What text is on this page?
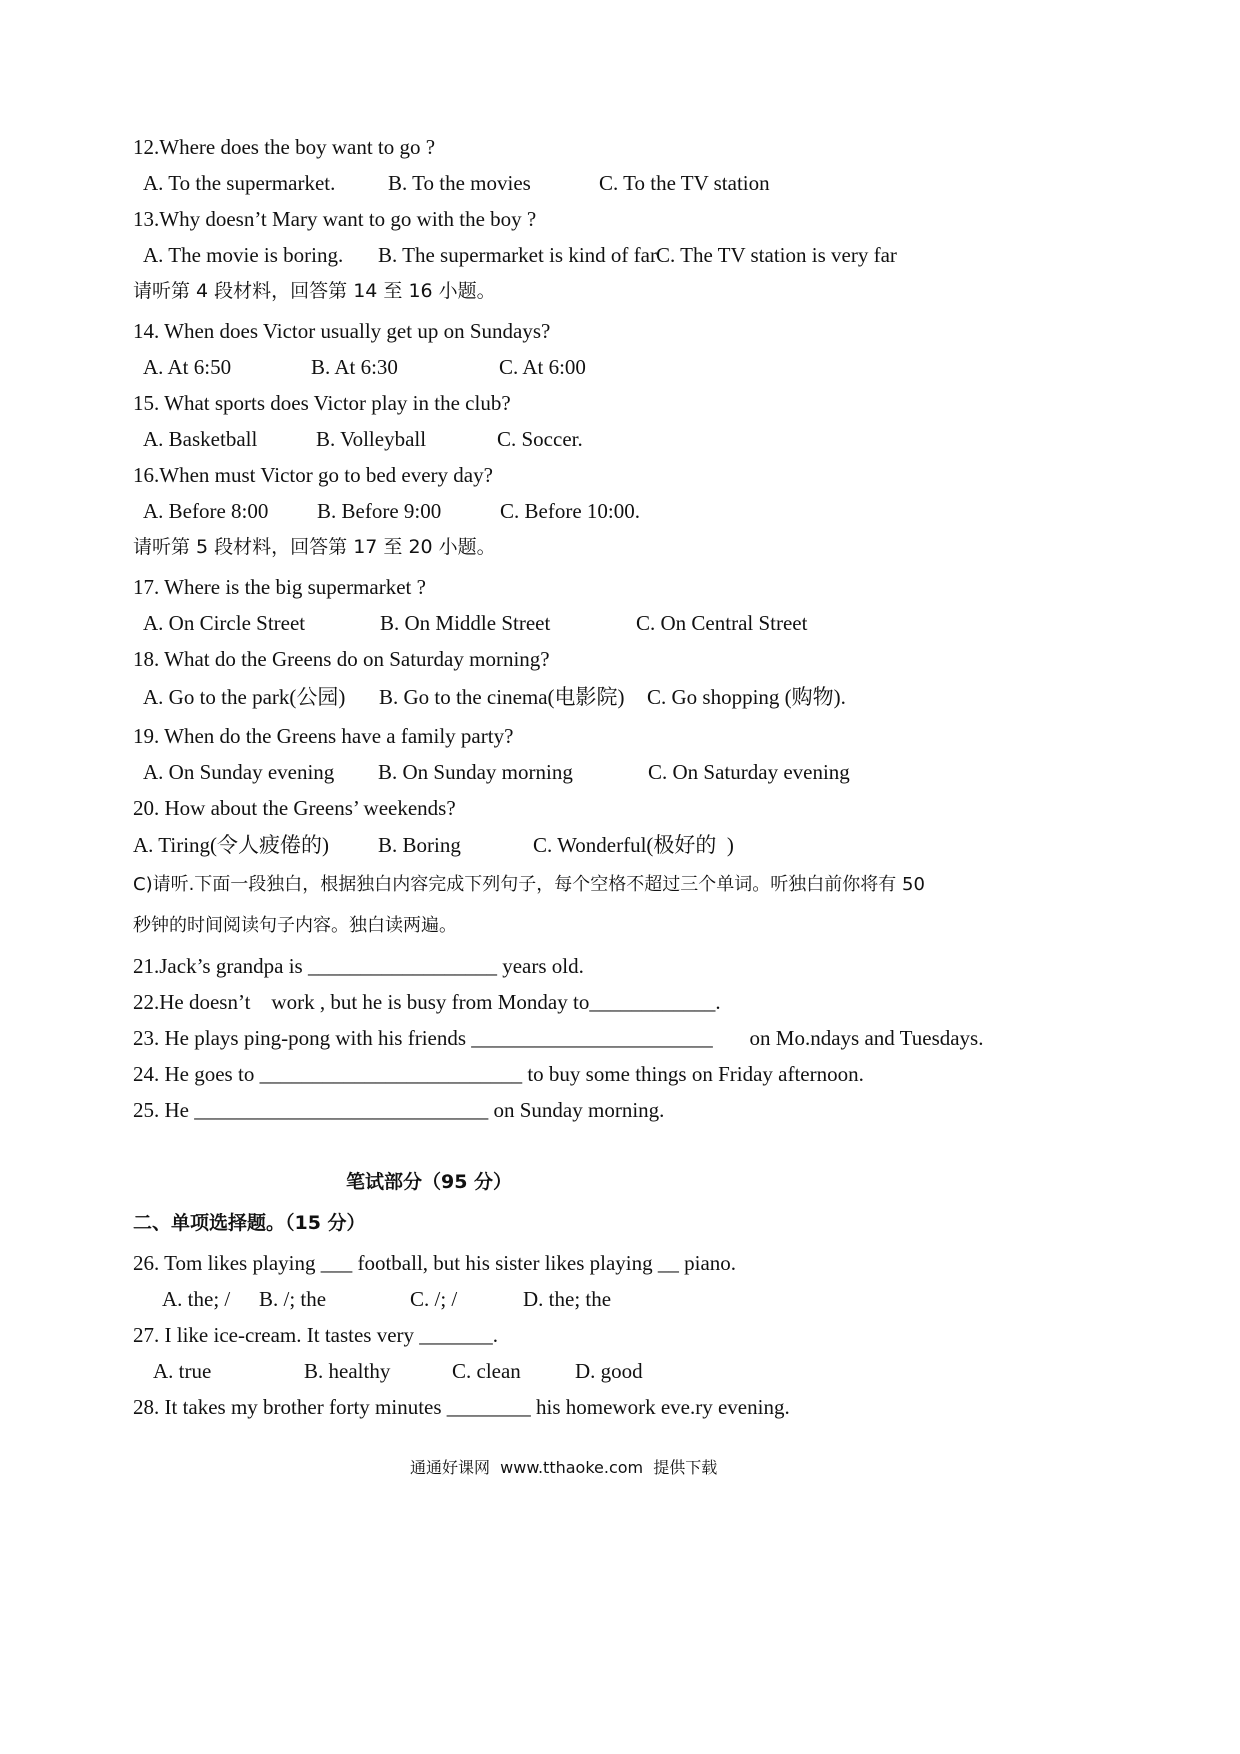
12.Where does the boy want to go ?
A. To the supermarket.	B. To the movies	C. To the TV station
13.Why doesn’t Mary want to go with the boy ?
A. The movie is boring. B. The supermarket is kind of far C. The TV station is very far
请听第 4 段材料，回答第 14 至 16 小题。
14. When does Victor usually get up on Sundays?
A. At 6:50	B. At 6:30	C. At 6:00
15. What sports does Victor play in the club?
A. Basketball	B. Volleyball	C. Soccer.
16.When must Victor go to bed every day?
A. Before 8:00 B. Before 9:00	C. Before 10:00.
请听第 5 段材料，回答第 17 至 20 小题。
17. Where is the big supermarket ?
A. On Circle Street	B. On Middle Street	C. On Central Street
18. What do the Greens do on Saturday morning?
A. Go to the park(公园) B. Go to the cinema(电影院) C. Go shopping (购物).
19. When do the Greens have a family party?
A. On Sunday evening B. On Sunday morning	C. On Saturday evening
20. How about the Greens’ weekends?
A. Tiring(令人疲倦的) B. Boring	C. Wonderful(极好的  )
C)请听.下面一段独白，根据独白内容完成下列句子，每个空格不超过三个单词。听独白前你将有 50
秒钟的时间阅读句子内容。独白读两遍。
21.Jack’s grandpa is __________________ years old.
22.He doesn’t    work , but he is busy from Monday to____________.
23. He plays ping-pong with his friends _______________________       on Mo.ndays and Tuesdays.
24. He goes to _________________________ to buy some things on Friday afternoon.
25. He ____________________________ on Sunday morning.
笔试部分（95 分）
二、单项选择题。（15 分）
26. Tom likes playing ___ football, but his sister likes playing __ piano.
A. the; / B. /; the	C. /; /	D. the; the
27. I like ice-cream. It tastes very _______.
A. true	B. healthy	C. clean	D. good
28. It takes my brother forty minutes ________ his homework eve.ry evening.
通通好课网  www.tthaoke.com  提供下载
